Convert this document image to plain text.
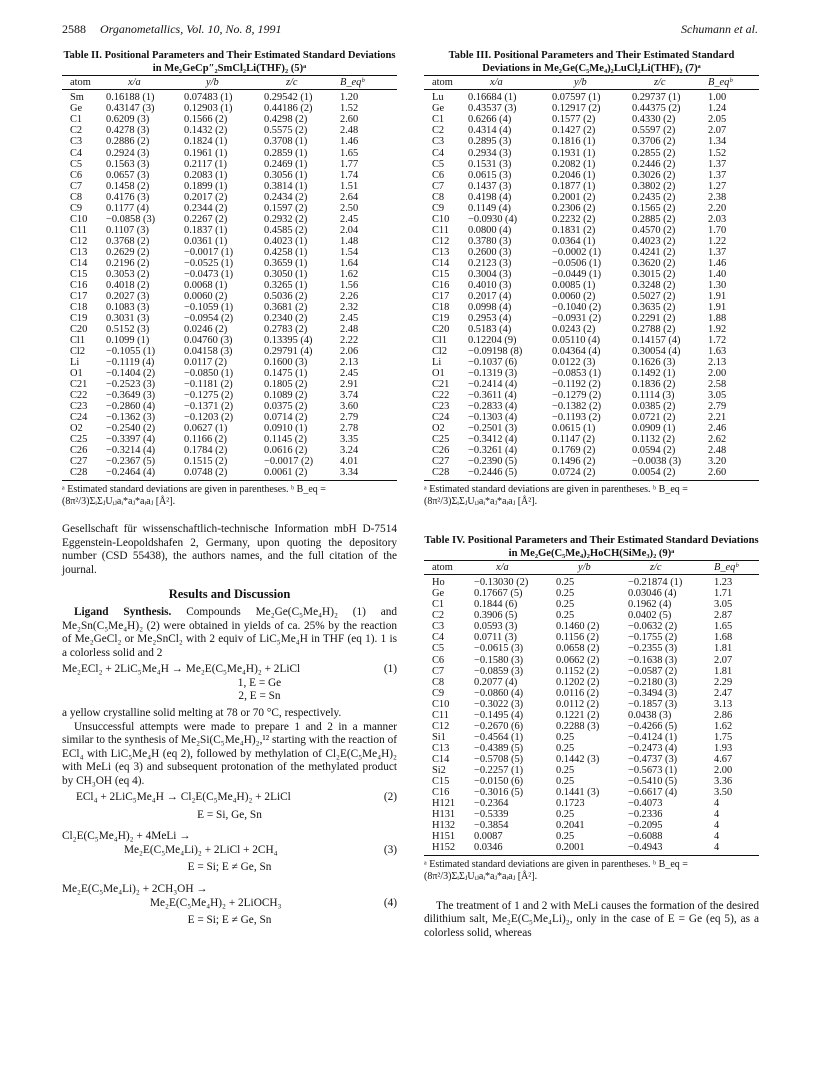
2588 Organometallics, Vol. 10, No. 8, 1991	Schumann et al.
Table II. Positional Parameters and Their Estimated Standard Deviations in Me₂GeCp″₂SmCl₂Li(THF)₂ (5)ᵃ
atom	x/a	y/b	z/c	B_eqᵇ
Sm	0.16188 (1)	0.07483 (1)	0.29542 (1)	1.20
Ge	0.43147 (3)	0.12903 (1)	0.44186 (2)	1.52
C1	0.6209 (3)	0.1566 (2)	0.4298 (2)	2.60
C2	0.4278 (3)	0.1432 (2)	0.5575 (2)	2.48
C3	0.2886 (2)	0.1824 (1)	0.3708 (1)	1.46
C4	0.2924 (3)	0.1961 (1)	0.2859 (1)	1.65
C5	0.1563 (3)	0.2117 (1)	0.2469 (1)	1.77
C6	0.0657 (3)	0.2083 (1)	0.3056 (1)	1.74
C7	0.1458 (2)	0.1899 (1)	0.3814 (1)	1.51
C8	0.4176 (3)	0.2017 (2)	0.2434 (2)	2.64
C9	0.1177 (4)	0.2344 (2)	0.1597 (2)	2.50
C10	−0.0858 (3)	0.2267 (2)	0.2932 (2)	2.45
C11	0.1107 (3)	0.1837 (1)	0.4585 (2)	2.04
C12	0.3768 (2)	0.0361 (1)	0.4023 (1)	1.48
C13	0.2629 (2)	−0.0017 (1)	0.4258 (1)	1.54
C14	0.2196 (2)	−0.0525 (1)	0.3659 (1)	1.64
C15	0.3053 (2)	−0.0473 (1)	0.3050 (1)	1.62
C16	0.4018 (2)	0.0068 (1)	0.3265 (1)	1.56
C17	0.2027 (3)	0.0060 (2)	0.5036 (2)	2.26
C18	0.1083 (3)	−0.1059 (1)	0.3681 (2)	2.32
C19	0.3031 (3)	−0.0954 (2)	0.2340 (2)	2.45
C20	0.5152 (3)	0.0246 (2)	0.2783 (2)	2.48
Cl1	0.1099 (1)	0.04760 (3)	0.13395 (4)	2.22
Cl2	−0.1055 (1)	0.04158 (3)	0.29791 (4)	2.06
Li	−0.1119 (4)	0.0117 (2)	0.1600 (3)	2.13
O1	−0.1404 (2)	−0.0850 (1)	0.1475 (1)	2.45
C21	−0.2523 (3)	−0.1181 (2)	0.1805 (2)	2.91
C22	−0.3649 (3)	−0.1275 (2)	0.1089 (2)	3.74
C23	−0.2860 (4)	−0.1371 (2)	0.0375 (2)	3.60
C24	−0.1362 (3)	−0.1203 (2)	0.0714 (2)	2.79
O2	−0.2540 (2)	0.0627 (1)	0.0910 (1)	2.78
C25	−0.3397 (4)	0.1166 (2)	0.1145 (2)	3.35
C26	−0.3214 (4)	0.1784 (2)	0.0616 (2)	3.24
C27	−0.2367 (5)	0.1515 (2)	−0.0017 (2)	4.01
C28	−0.2464 (4)	0.0748 (2)	0.0061 (2)	3.34
ᵃ Estimated standard deviations are given in parentheses. ᵇ B_eq = (8π²/3)ΣᵢΣⱼUᵢⱼaᵢ*aⱼ*aᵢaⱼ [Å²].
Gesellschaft für wissenschaftlich-technische Information mbH D-7514 Eggenstein-Leopoldshafen 2, Germany, upon quoting the depository number (CSD 55438), the authors names, and the full citation of the journal.
Results and Discussion
Ligand Synthesis. Compounds Me₂Ge(C₅Me₄H)₂ (1) and Me₂Sn(C₅Me₄H)₂ (2) were obtained in yields of ca. 25% by the reaction of Me₂GeCl₂ or Me₂SnCl₂ with 2 equiv of LiC₅Me₄H in THF (eq 1). 1 is a colorless solid and 2
Me₂ECl₂ + 2LiC₅Me₄H → Me₂E(C₅Me₄H)₂ + 2LiCl	(1)
1, E = Ge
2, E = Sn
a yellow crystalline solid melting at 78 or 70 °C, respectively.
Unsuccessful attempts were made to prepare 1 and 2 in a manner similar to the synthesis of Me₂Si(C₅Me₄H)₂,¹² starting with the reaction of ECl₄ with LiC₅Me₄H (eq 2), followed by methylation of Cl₂E(C₅Me₄H)₂ with MeLi (eq 3) and subsequent protonation of the methylated product by CH₃OH (eq 4).
ECl₄ + 2LiC₅Me₄H → Cl₂E(C₅Me₄H)₂ + 2LiCl	(2)
E = Si, Ge, Sn
Cl₂E(C₅Me₄H)₂ + 4MeLi →
Me₂E(C₅Me₄Li)₂ + 2LiCl + 2CH₄	(3)
E = Si; E ≠ Ge, Sn
Me₂E(C₅Me₄Li)₂ + 2CH₃OH →
Me₂E(C₅Me₄H)₂ + 2LiOCH₃	(4)
E = Si; E ≠ Ge, Sn
Table III. Positional Parameters and Their Estimated Standard Deviations in Me₂Ge(C₅Me₄)₂LuCl₂Li(THF)₂ (7)ᵃ
atom	x/a	y/b	z/c	B_eqᵇ
Lu	0.16684 (1)	0.07597 (1)	0.29737 (1)	1.00
Ge	0.43537 (3)	0.12917 (2)	0.44375 (2)	1.24
C1	0.6266 (4)	0.1577 (2)	0.4330 (2)	2.05
C2	0.4314 (4)	0.1427 (2)	0.5597 (2)	2.07
C3	0.2895 (3)	0.1816 (1)	0.3706 (2)	1.34
C4	0.2934 (3)	0.1931 (1)	0.2855 (2)	1.52
C5	0.1531 (3)	0.2082 (1)	0.2446 (2)	1.37
C6	0.0615 (3)	0.2046 (1)	0.3026 (2)	1.37
C7	0.1437 (3)	0.1877 (1)	0.3802 (2)	1.27
C8	0.4198 (4)	0.2001 (2)	0.2435 (2)	2.38
C9	0.1149 (4)	0.2306 (2)	0.1565 (2)	2.20
C10	−0.0930 (4)	0.2232 (2)	0.2885 (2)	2.03
C11	0.0800 (4)	0.1831 (2)	0.4570 (2)	1.70
C12	0.3780 (3)	0.0364 (1)	0.4023 (2)	1.22
C13	0.2600 (3)	−0.0002 (1)	0.4241 (2)	1.37
C14	0.2123 (3)	−0.0506 (1)	0.3620 (2)	1.46
C15	0.3004 (3)	−0.0449 (1)	0.3015 (2)	1.40
C16	0.4010 (3)	0.0085 (1)	0.3248 (2)	1.30
C17	0.2017 (4)	0.0060 (2)	0.5027 (2)	1.91
C18	0.0998 (4)	−0.1040 (2)	0.3635 (2)	1.91
C19	0.2953 (4)	−0.0931 (2)	0.2291 (2)	1.88
C20	0.5183 (4)	0.0243 (2)	0.2788 (2)	1.92
Cl1	0.12204 (9)	0.05110 (4)	0.14157 (4)	1.72
Cl2	−0.09198 (8)	0.04364 (4)	0.30054 (4)	1.63
Li	−0.1037 (6)	0.0122 (3)	0.1626 (3)	2.13
O1	−0.1319 (3)	−0.0853 (1)	0.1492 (1)	2.00
C21	−0.2414 (4)	−0.1192 (2)	0.1836 (2)	2.58
C22	−0.3611 (4)	−0.1279 (2)	0.1114 (3)	3.05
C23	−0.2833 (4)	−0.1382 (2)	0.0385 (2)	2.79
C24	−0.1303 (4)	−0.1193 (2)	0.0721 (2)	2.21
O2	−0.2501 (3)	0.0615 (1)	0.0909 (1)	2.46
C25	−0.3412 (4)	0.1147 (2)	0.1132 (2)	2.62
C26	−0.3261 (4)	0.1769 (2)	0.0594 (2)	2.48
C27	−0.2390 (5)	0.1496 (2)	−0.0038 (3)	3.20
C28	−0.2446 (5)	0.0724 (2)	0.0054 (2)	2.60
ᵃ Estimated standard deviations are given in parentheses. ᵇ B_eq = (8π²/3)ΣᵢΣⱼUᵢⱼaᵢ*aⱼ*aᵢaⱼ [Å²].
Table IV. Positional Parameters and Their Estimated Standard Deviations in Me₂Ge(C₅Me₄)₂HoCH(SiMe₃)₂ (9)ᵃ
atom	x/a	y/b	z/c	B_eqᵇ
Ho	−0.13030 (2)	0.25	−0.21874 (1)	1.23
Ge	0.17667 (5)	0.25	0.03046 (4)	1.71
C1	0.1844 (6)	0.25	0.1962 (4)	3.05
C2	0.3906 (5)	0.25	0.0402 (5)	2.87
C3	0.0593 (3)	0.1460 (2)	−0.0632 (2)	1.65
C4	0.0711 (3)	0.1156 (2)	−0.1755 (2)	1.68
C5	−0.0615 (3)	0.0658 (2)	−0.2355 (3)	1.81
C6	−0.1580 (3)	0.0662 (2)	−0.1638 (3)	2.07
C7	−0.0859 (3)	0.1152 (2)	−0.0587 (2)	1.81
C8	0.2077 (4)	0.1202 (2)	−0.2180 (3)	2.29
C9	−0.0860 (4)	0.0116 (2)	−0.3494 (3)	2.47
C10	−0.3022 (3)	0.0112 (2)	−0.1857 (3)	3.13
C11	−0.1495 (4)	0.1221 (2)	0.0438 (3)	2.86
C12	−0.2670 (6)	0.2288 (3)	−0.4266 (5)	1.62
Si1	−0.4564 (1)	0.25	−0.4124 (1)	1.75
C13	−0.4389 (5)	0.25	−0.2473 (4)	1.93
C14	−0.5708 (5)	0.1442 (3)	−0.4737 (3)	4.67
Si2	−0.2257 (1)	0.25	−0.5673 (1)	2.00
C15	−0.0150 (6)	0.25	−0.5410 (5)	3.36
C16	−0.3016 (5)	0.1441 (3)	−0.6617 (4)	3.50
H121	−0.2364	0.1723	−0.4073	4
H131	−0.5339	0.25	−0.2336	4
H132	−0.3854	0.2041	−0.2095	4
H151	0.0087	0.25	−0.6088	4
H152	0.0346	0.2001	−0.4943	4
ᵃ Estimated standard deviations are given in parentheses. ᵇ B_eq = (8π²/3)ΣᵢΣⱼUᵢⱼaᵢ*aⱼ*aᵢaⱼ [Å²].
The treatment of 1 and 2 with MeLi causes the formation of the desired dilithium salt, Me₂E(C₅Me₄Li)₂, only in the case of E = Ge (eq 5), as a colorless solid, whereas
